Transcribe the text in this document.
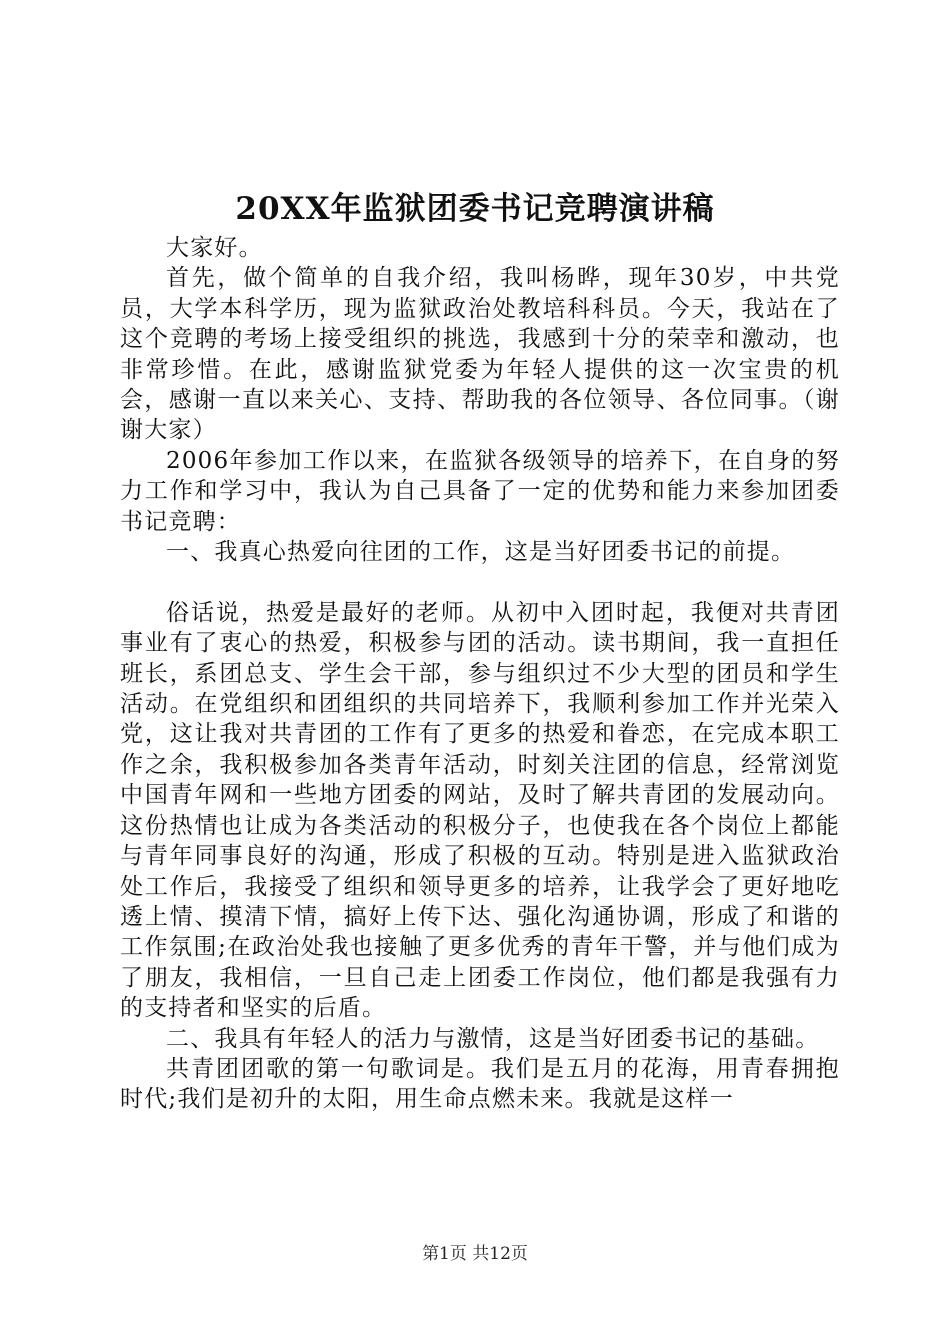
20XX年监狱团委书记竞聘演讲稿

大家好。

首先，做个简单的自我介绍，我叫杨晔，现年30岁，中共党员，大学本科学历，现为监狱政治处教培科科员。今天，我站在了这个竞聘的考场上接受组织的挑选，我感到十分的荣幸和激动，也非常珍惜。在此，感谢监狱党委为年轻人提供的这一次宝贵的机会，感谢一直以来关心、支持、帮助我的各位领导、各位同事。（谢谢大家）

2006年参加工作以来，在监狱各级领导的培养下，在自身的努力工作和学习中，我认为自己具备了一定的优势和能力来参加团委书记竞聘：

一、我真心热爱向往团的工作，这是当好团委书记的前提。

俗话说，热爱是最好的老师。从初中入团时起，我便对共青团事业有了衷心的热爱，积极参与团的活动。读书期间，我一直担任班长，系团总支、学生会干部，参与组织过不少大型的团员和学生活动。在党组织和团组织的共同培养下，我顺利参加工作并光荣入党，这让我对共青团的工作有了更多的热爱和眷恋，在完成本职工作之余，我积极参加各类青年活动，时刻关注团的信息，经常浏览中国青年网和一些地方团委的网站，及时了解共青团的发展动向。这份热情也让成为各类活动的积极分子，也使我在各个岗位上都能与青年同事良好的沟通，形成了积极的互动。特别是进入监狱政治处工作后，我接受了组织和领导更多的培养，让我学会了更好地吃透上情、摸清下情，搞好上传下达、强化沟通协调，形成了和谐的工作氛围;在政治处我也接触了更多优秀的青年干警，并与他们成为了朋友，我相信，一旦自己走上团委工作岗位，他们都是我强有力的支持者和坚实的后盾。

二、我具有年轻人的活力与激情，这是当好团委书记的基础。

共青团团歌的第一句歌词是。我们是五月的花海，用青春拥抱时代;我们是初升的太阳，用生命点燃未来。我就是这样一

第1页 共12页
